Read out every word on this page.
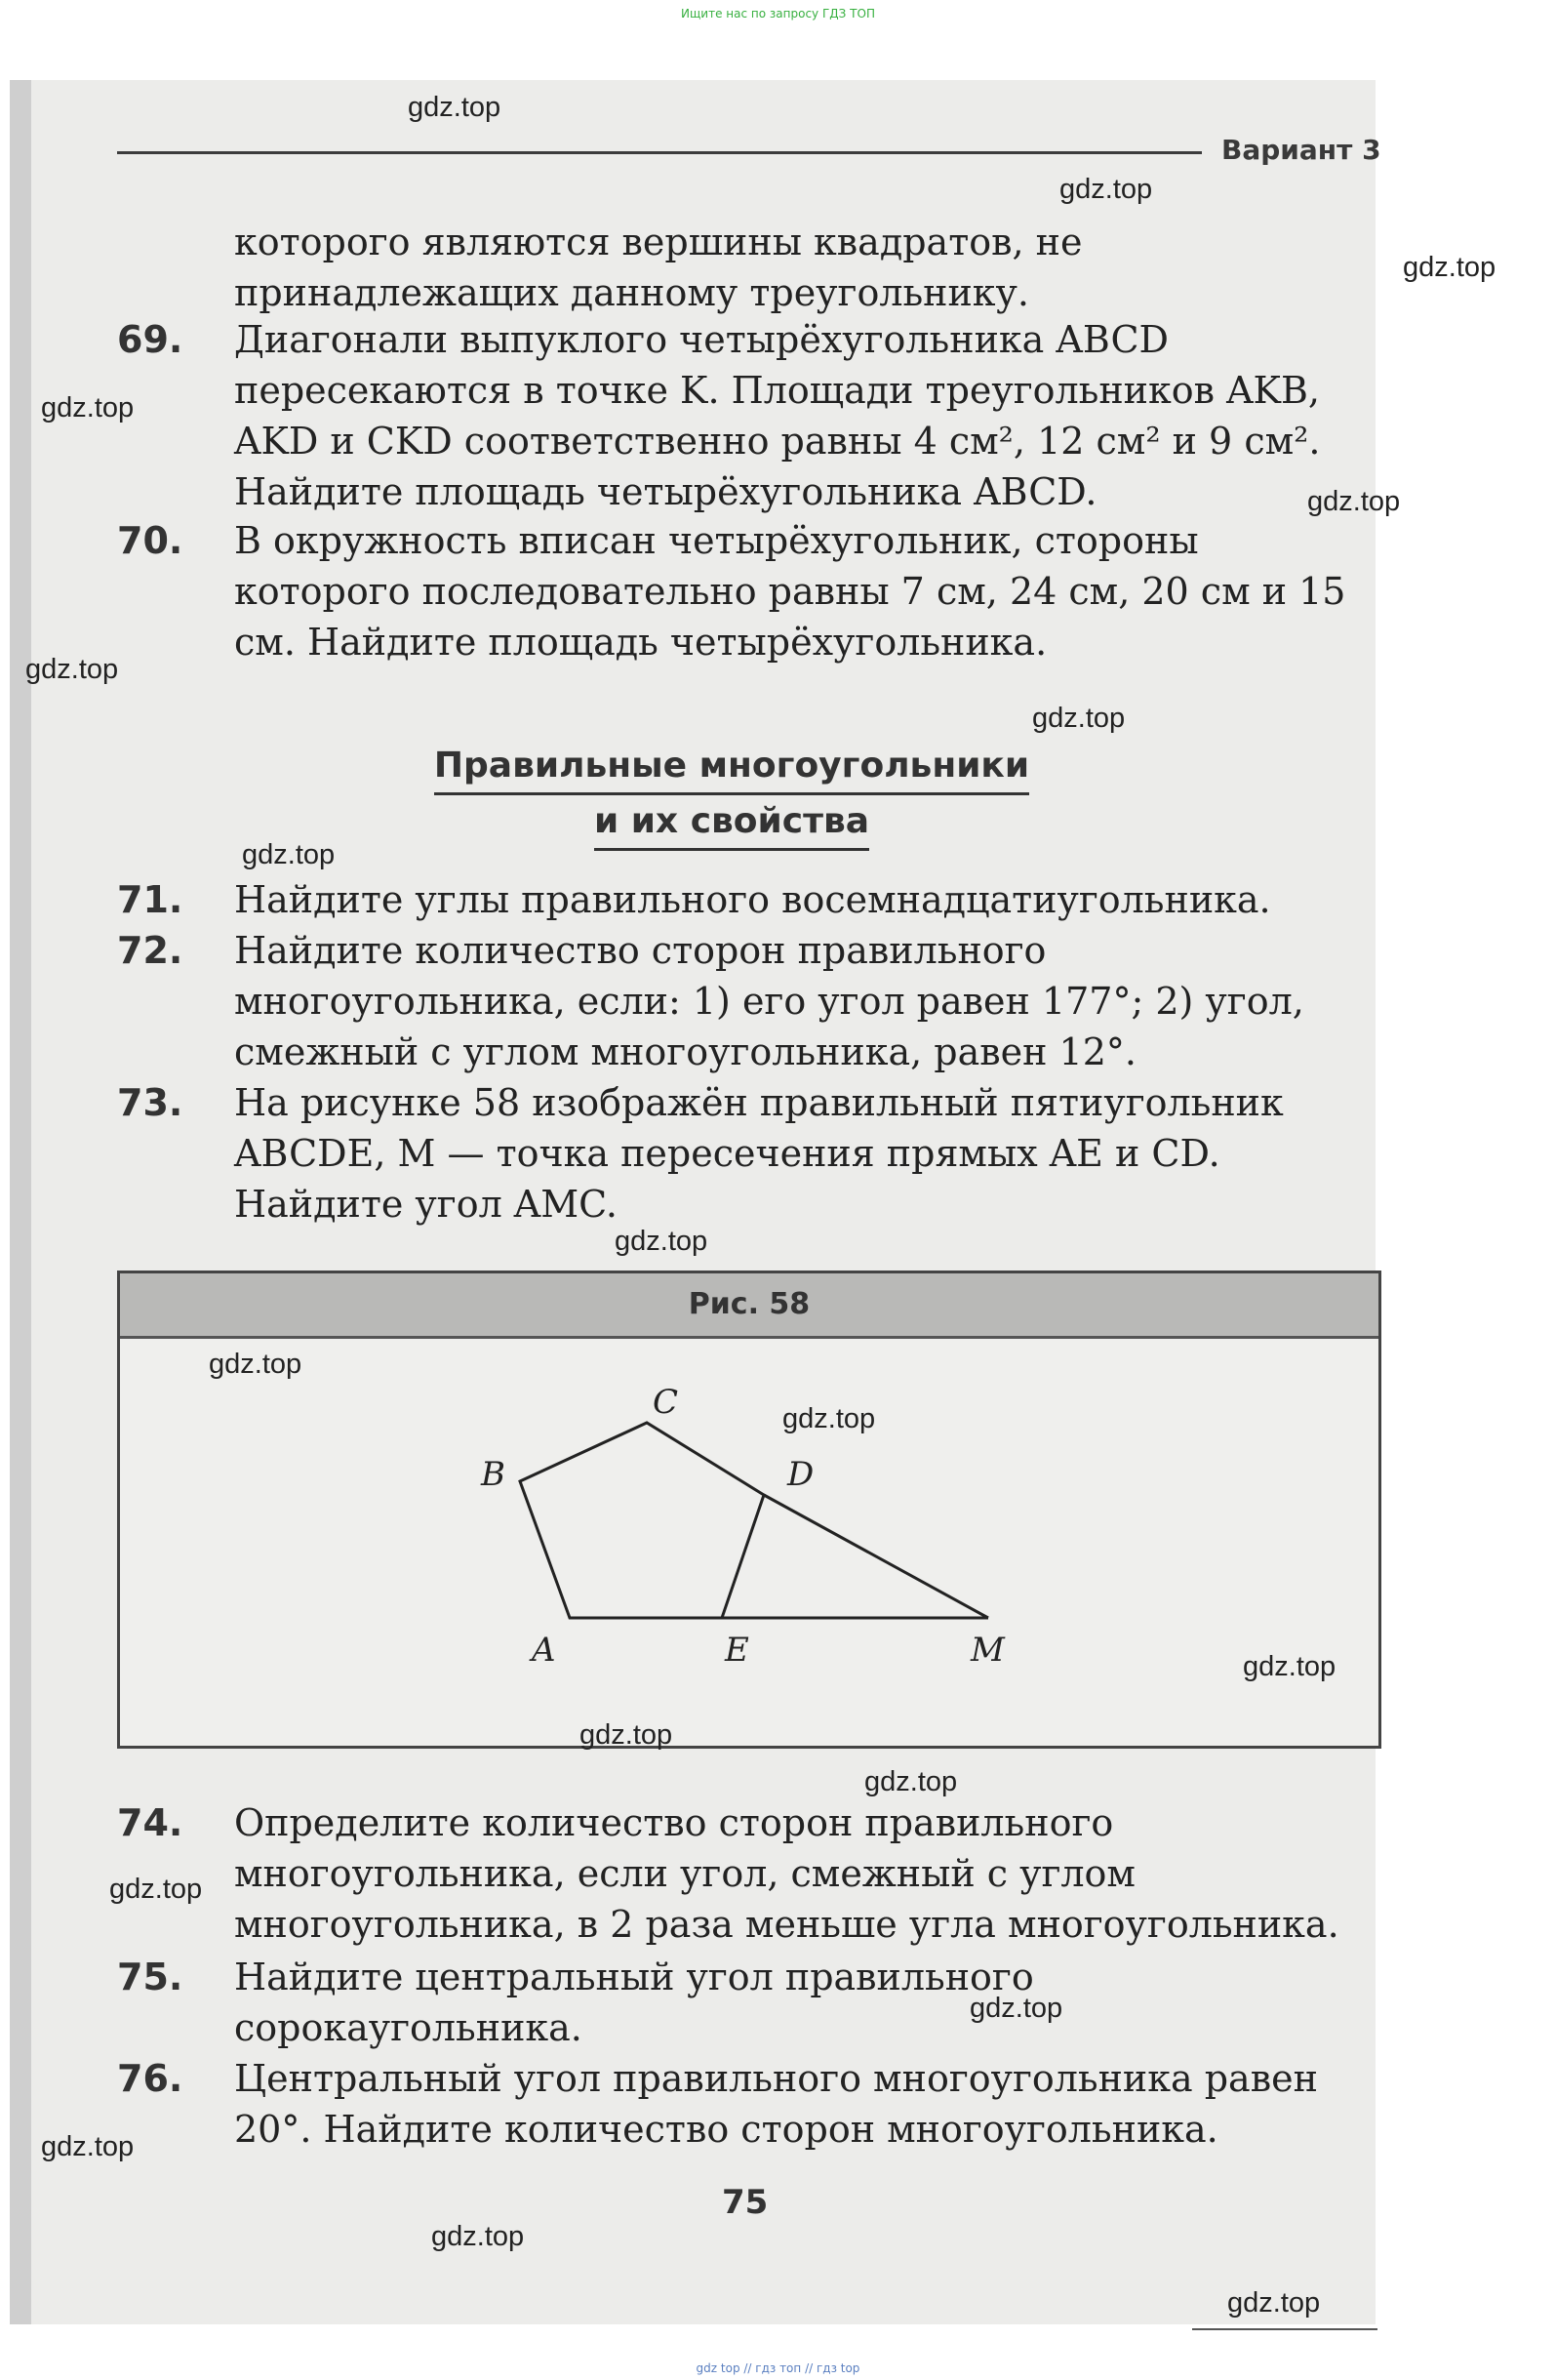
Ищите нас по запросу ГДЗ ТОП
Вариант 3
которого являются вершины квадратов, не принадлежащих данному треугольнику.
69. Диагонали выпуклого четырёхугольника ABCD пересекаются в точке K. Площади треугольников AKB, AKD и CKD соответственно равны 4 см², 12 см² и 9 см². Найдите площадь четырёхугольника ABCD.
70. В окружность вписан четырёхугольник, стороны которого последовательно равны 7 см, 24 см, 20 см и 15 см. Найдите площадь четырёхугольника.
Правильные многоугольники
и их свойства
71. Найдите углы правильного восемнадцатиугольника.
72. Найдите количество сторон правильного многоугольника, если: 1) его угол равен 177°; 2) угол, смежный с углом многоугольника, равен 12°.
73. На рисунке 58 изображён правильный пятиугольник ABCDE, M — точка пересечения прямых AE и CD. Найдите угол AMC.
Рис. 58
B
C
D
A	E	M
74. Определите количество сторон правильного многоугольника, если угол, смежный с углом многоугольника, в 2 раза меньше угла многоугольника.
75. Найдите центральный угол правильного сорокаугольника.
76. Центральный угол правильного многоугольника равен 20°. Найдите количество сторон многоугольника.
75
gdz.top
gdz.top
gdz.top
gdz.top
gdz.top
gdz.top
gdz.top
gdz.top
gdz.top
gdz.top
gdz.top
gdz.top
gdz.top
gdz.top
gdz.top
gdz.top
gdz.top
gdz.top
gdz.top
gdz top // гдз топ // гдз top
